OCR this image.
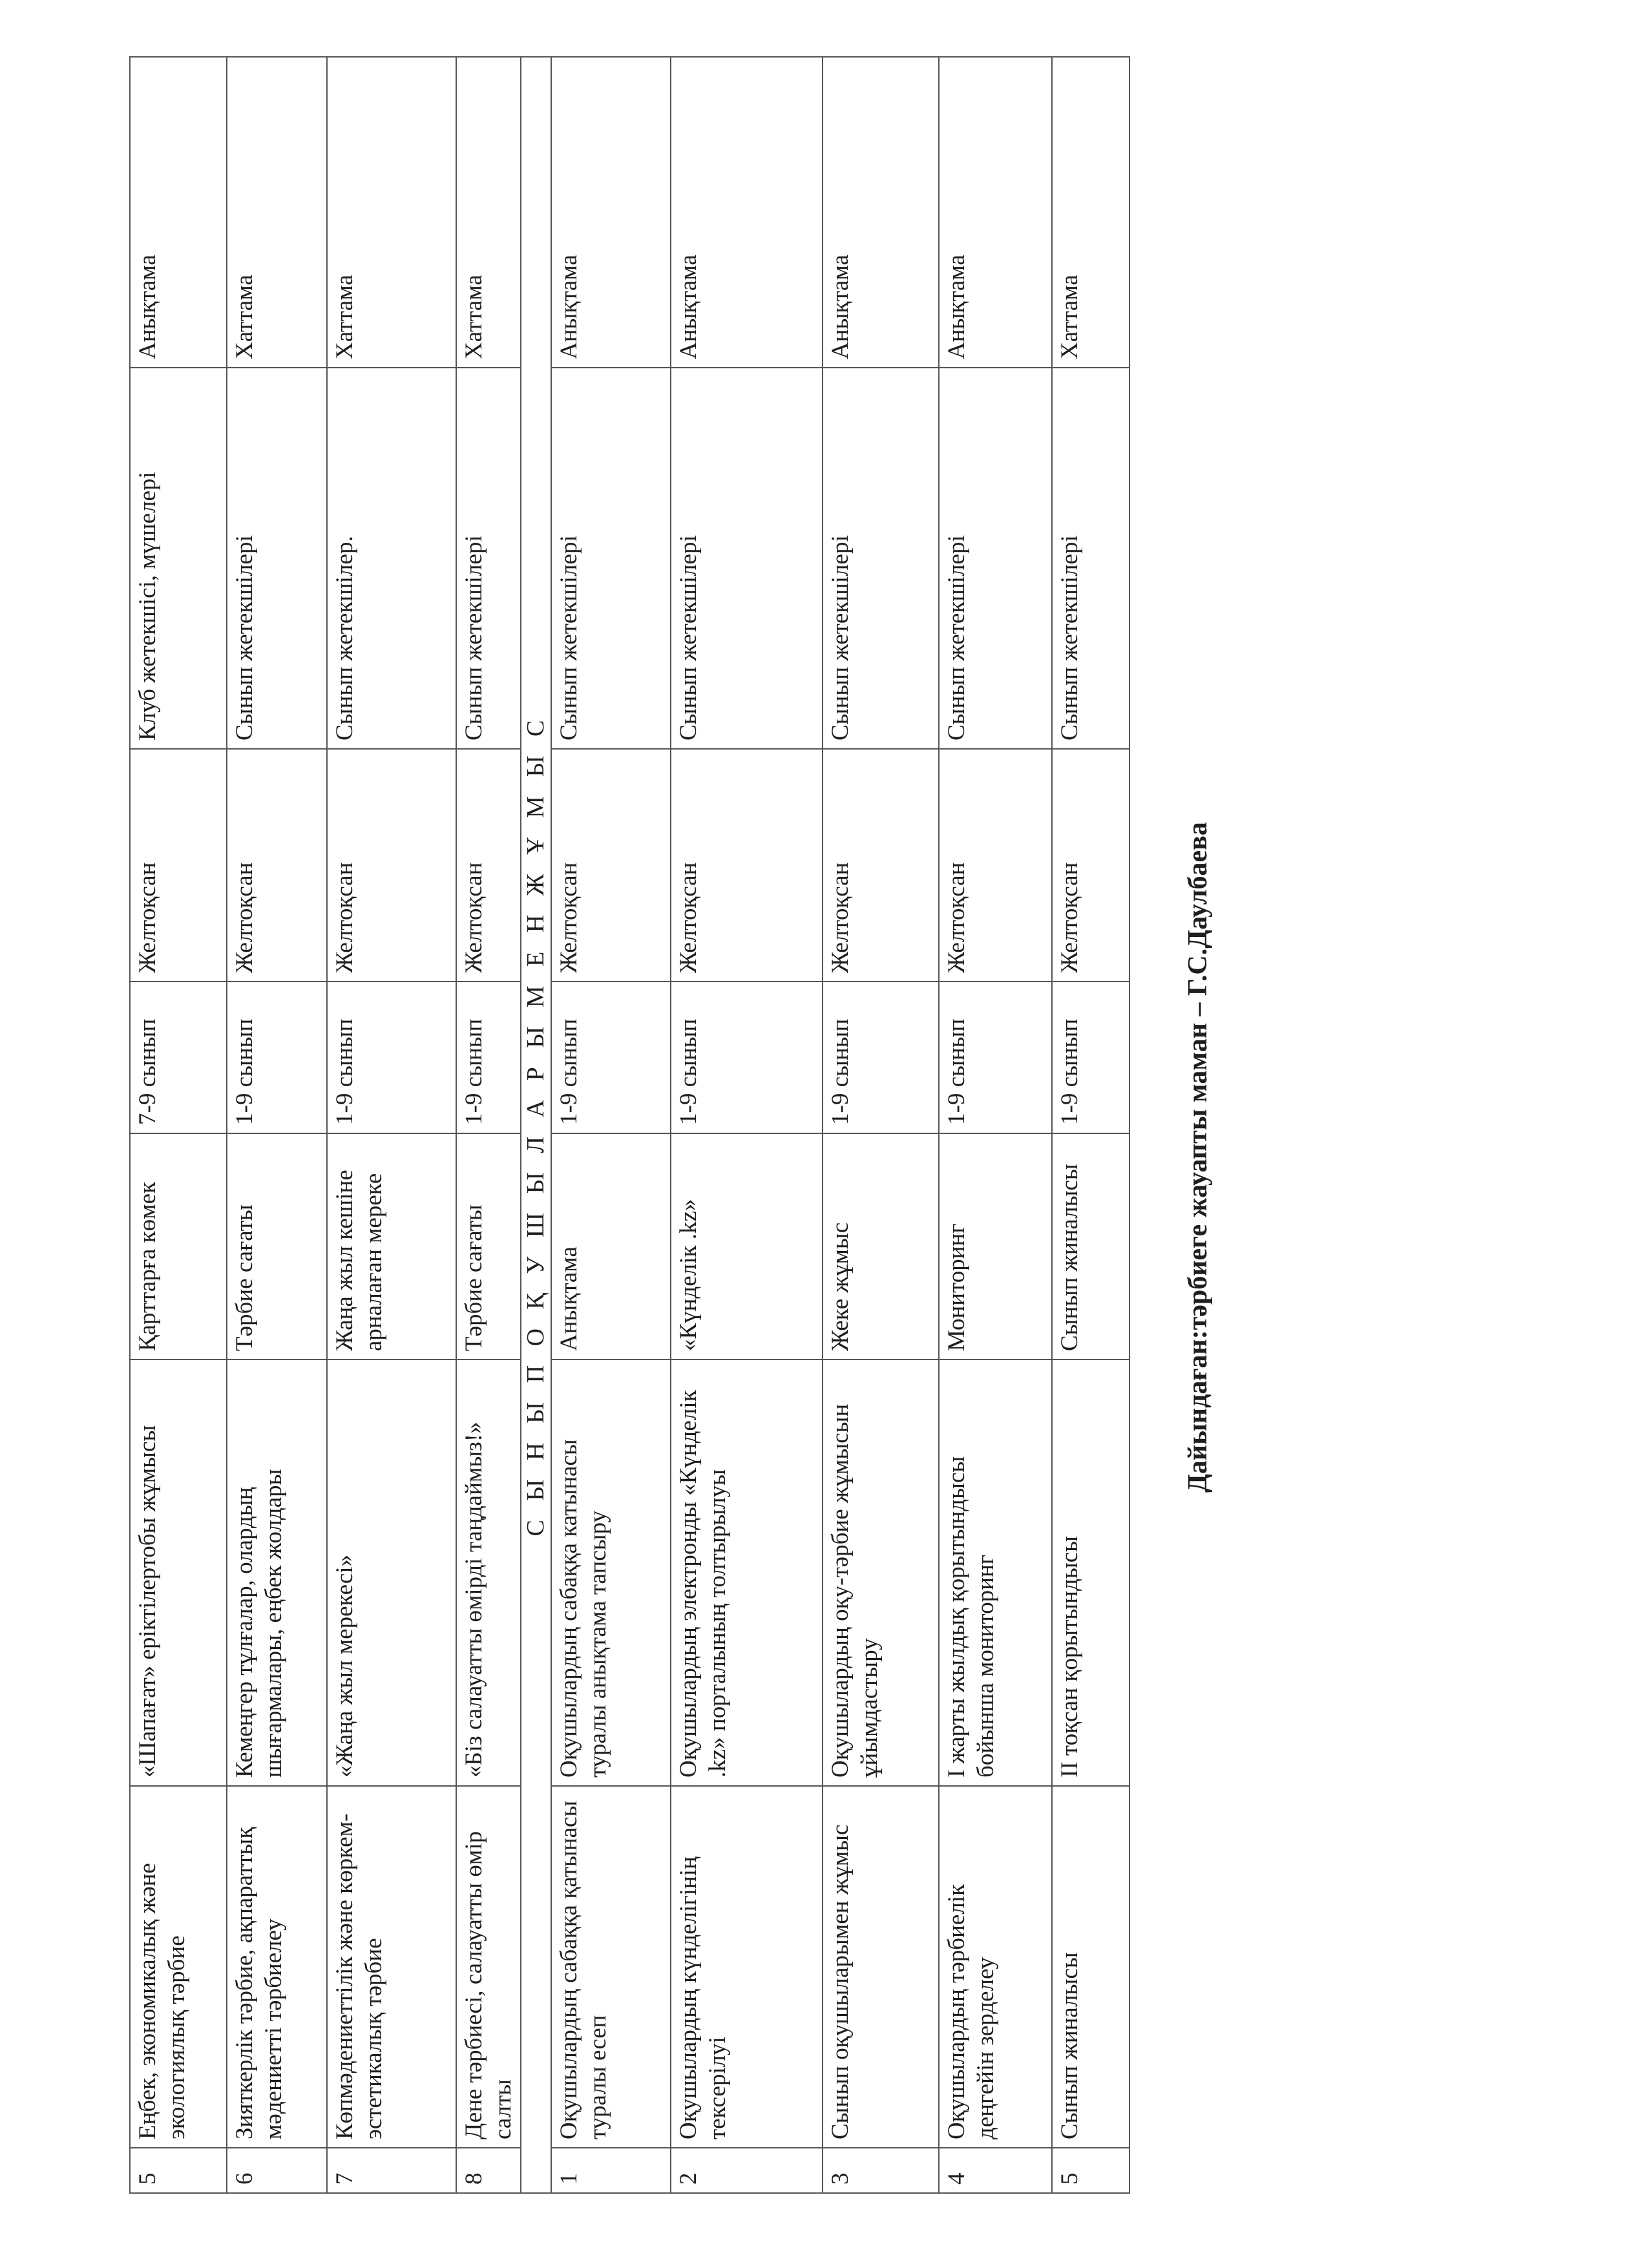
5	Еңбек, экономикалық және экологиялық тәрбие	«Шапағат» еріктілертобы жұмысы	Қарттарға көмек	7-9 сынып	Желтоқсан	Клуб жетекшісі, мүшелері	Анықтама
6	Зияткерлік тәрбие, ақпараттық мәдениетті тәрбиелеу	Кемеңгер тұлғалар, олардың шығармалары, еңбек жолдары	Тәрбие сағаты	1-9 сынып	Желтоқсан	Сынып жетекшілері	Хаттама
7	Көпмәдениеттілік және көркем-эстетикалық тәрбие	«Жаңа жыл мерекесі»	Жаңа жыл кешіне арналаған мереке	1-9 сынып	Желтоқсан	Сынып жетекшілер.	Хаттама
8	Дене тәрбиесі, салауатты өмір салты	«Біз салауатты өмірді таңдаймыз!»	Тәрбие сағаты	1-9 сынып	Желтоқсан	Сынып жетекшілері	Хаттама
С Ы Н Ы П О Қ У Ш Ы Л А Р Ы М Е Н Ж Ұ М Ы С							
1	Оқушылардың сабаққа қатынасы туралы есеп	Оқушылардың сабаққа катынасы туралы анықтама тапсыру	Анықтама	1-9 сынып	Желтоқсан	Сынып жетекшілері	Анықтама
2	Оқушылардың күнделігінің тексерілуі	Оқушылардың электронды «Күнделік .kz» порталының толтырылуы	«Күнделік .kz»	1-9 сынып	Желтоқсан	Сынып жетекшілері	Анықтама
3	Сынып оқушыларымен жұмыс	Оқушылардың оқу-тәрбие жұмысын ұйымдастыру	Жеке жұмыс	1-9 сынып	Желтоқсан	Сынып жетекшілері	Анықтама
4	Оқушылардың тәрбиелік деңгейін зерделеу	І жарты жылдық қорытындысы бойынша мониторинг	Мониторинг	1-9 сынып	Желтоқсан	Сынып жетекшілері	Анықтама
5	Сынып жиналысы	ІІ тоқсан қорытындысы	Сынып жиналысы	1-9 сынып	Желтоқсан	Сынып жетекшілері	Хаттама
Дайындаған:тәрбиеге жауапты маман – Г.С.Даулбаева
